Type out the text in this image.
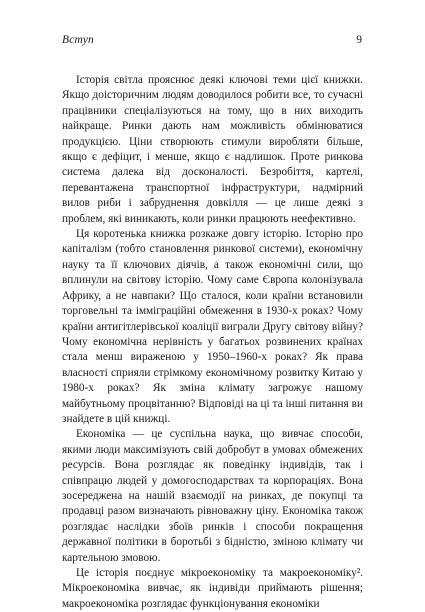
Вступ	9

Історія світла прояснює деякі ключові теми цієї книжки. Якщо доісторичним людям доводилося робити все, то сучасні працівники спеціалізуються на тому, що в них виходить найкраще. Ринки дають нам можливість обмінюватися продукцією. Ціни створюють стимули виробляти більше, якщо є дефіцит, і менше, якщо є надлишок. Проте ринкова система далека від досконалості. Безробіття, картелі, перевантажена транспортної інфраструктури, надмірний вилов риби і забруднення довкілля — це лише деякі з проблем, які виникають, коли ринки працюють неефективно.

Ця коротенька книжка розкаже довгу історію. Історію про капіталізм (тобто становлення ринкової системи), економічну науку та її ключових діячів, а також економічні сили, що вплинули на світову історію. Чому саме Європа колонізувала Африку, а не навпаки? Що сталося, коли країни встановили торговельні та імміграційні обмеження в 1930-х роках? Чому країни антигітлерівської коаліції виграли Другу світову війну? Чому економічна нерівність у багатьох розвинених країнах стала менш вираженою у 1950–1960-х роках? Як права власності сприяли стрімкому економічному розвитку Китаю у 1980-х роках? Як зміна клімату загрожує нашому майбутньому процвітанню? Відповіді на ці та інші питання ви знайдете в цій книжці.

Економіка — це суспільна наука, що вивчає способи, якими люди максимізують свій добробут в умовах обмежених ресурсів. Вона розглядає як поведінку індивідів, так і співпрацю людей у домогосподарствах та корпораціях. Вона зосереджена на нашій взаємодії на ринках, де покупці та продавці разом визначають рівноважну ціну. Економіка також розглядає наслідки збоїв ринків і способи покращення державної політики в боротьбі з бідністю, зміною клімату чи картельною змовою.

Це історія поєднує мікроекономіку та макроекономіку². Мікроекономіка вивчає, як індивіди приймають рішення; макроекономіка розглядає функціонування економіки
